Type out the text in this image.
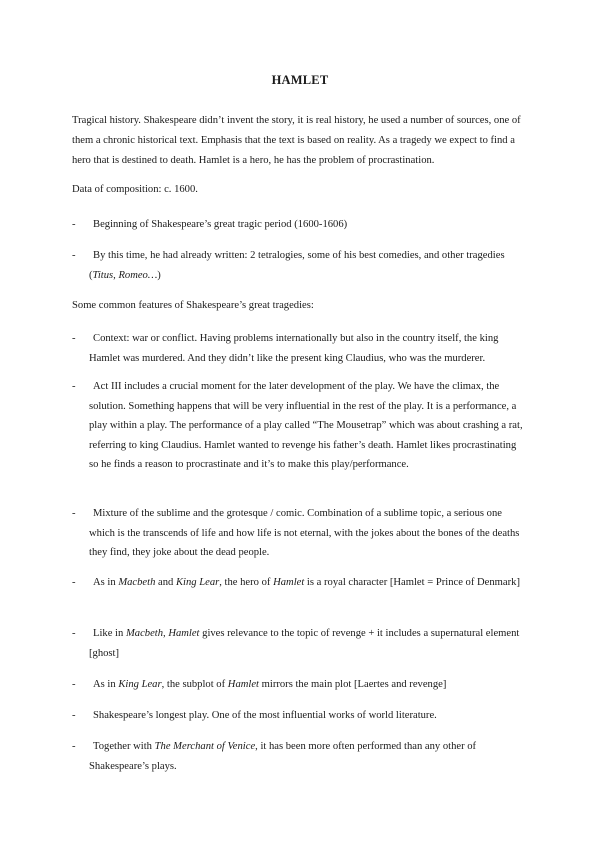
HAMLET

Tragical history. Shakespeare didn’t invent the story, it is real history, he used a number of sources, one of them a chronic historical text. Emphasis that the text is based on reality. As a tragedy we expect to find a hero that is destined to death. Hamlet is a hero, he has the problem of procrastination.

Data of composition: c. 1600.

-	Beginning of Shakespeare’s great tragic period (1600-1606)
-	By this time, he had already written: 2 tetralogies, some of his best comedies, and other tragedies (Titus, Romeo…)

Some common features of Shakespeare’s great tragedies:

-	Context: war or conflict. Having problems internationally but also in the country itself, the king Hamlet was murdered. And they didn’t like the present king Claudius, who was the murderer.
-	Act III includes a crucial moment for the later development of the play. We have the climax, the solution. Something happens that will be very influential in the rest of the play. It is a performance, a play within a play. The performance of a play called “The Mousetrap” which was about crashing a rat, referring to king Claudius. Hamlet wanted to revenge his father’s death. Hamlet likes procrastinating so he finds a reason to procrastinate and it’s to make this play/performance.
-	Mixture of the sublime and the grotesque / comic. Combination of a sublime topic, a serious one which is the transcends of life and how life is not eternal, with the jokes about the bones of the deaths they find, they joke about the dead people.
-	As in Macbeth and King Lear, the hero of Hamlet is a royal character [Hamlet = Prince of Denmark]
-	Like in Macbeth, Hamlet gives relevance to the topic of revenge + it includes a supernatural element [ghost]
-	As in King Lear, the subplot of Hamlet mirrors the main plot [Laertes and revenge]
-	Shakespeare’s longest play. One of the most influential works of world literature.
-	Together with The Merchant of Venice, it has been more often performed than any other of Shakespeare’s plays.
